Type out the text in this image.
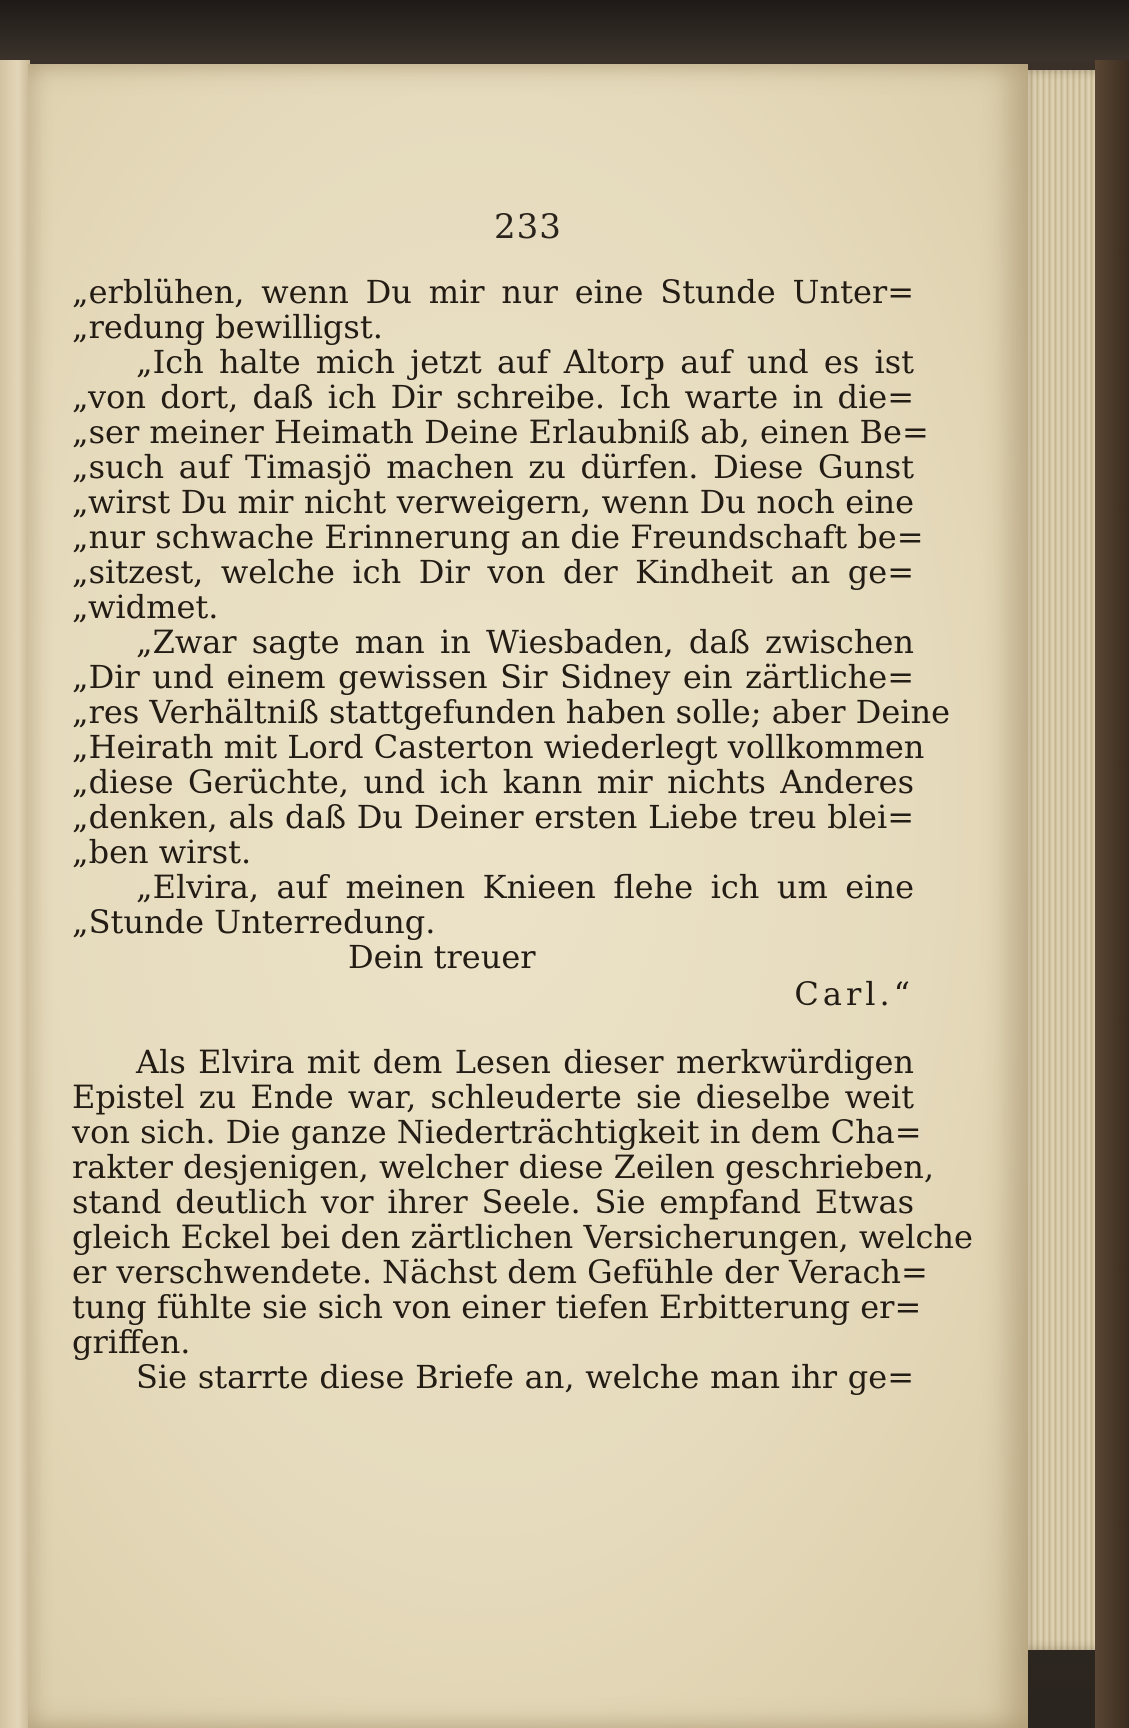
233
„erblühen, wenn Du mir nur eine Stunde Unter=
„redung bewilligst.
„Ich halte mich jetzt auf Altorp auf und es ist
„von dort, daß ich Dir schreibe. Ich warte in die=
„ser meiner Heimath Deine Erlaubniß ab, einen Be=
„such auf Timasjö machen zu dürfen. Diese Gunst
„wirst Du mir nicht verweigern, wenn Du noch eine
„nur schwache Erinnerung an die Freundschaft be=
„sitzest, welche ich Dir von der Kindheit an ge=
„widmet.
„Zwar sagte man in Wiesbaden, daß zwischen
„Dir und einem gewissen Sir Sidney ein zärtliche=
„res Verhältniß stattgefunden haben solle; aber Deine
„Heirath mit Lord Casterton wiederlegt vollkommen
„diese Gerüchte, und ich kann mir nichts Anderes
„denken, als daß Du Deiner ersten Liebe treu blei=
„ben wirst.
„Elvira, auf meinen Knieen flehe ich um eine
„Stunde Unterredung.
Dein treuer
Carl.“
Als Elvira mit dem Lesen dieser merkwürdigen
Epistel zu Ende war, schleuderte sie dieselbe weit
von sich. Die ganze Niederträchtigkeit in dem Cha=
rakter desjenigen, welcher diese Zeilen geschrieben,
stand deutlich vor ihrer Seele. Sie empfand Etwas
gleich Eckel bei den zärtlichen Versicherungen, welche
er verschwendete. Nächst dem Gefühle der Verach=
tung fühlte sie sich von einer tiefen Erbitterung er=
griffen.
Sie starrte diese Briefe an, welche man ihr ge=
